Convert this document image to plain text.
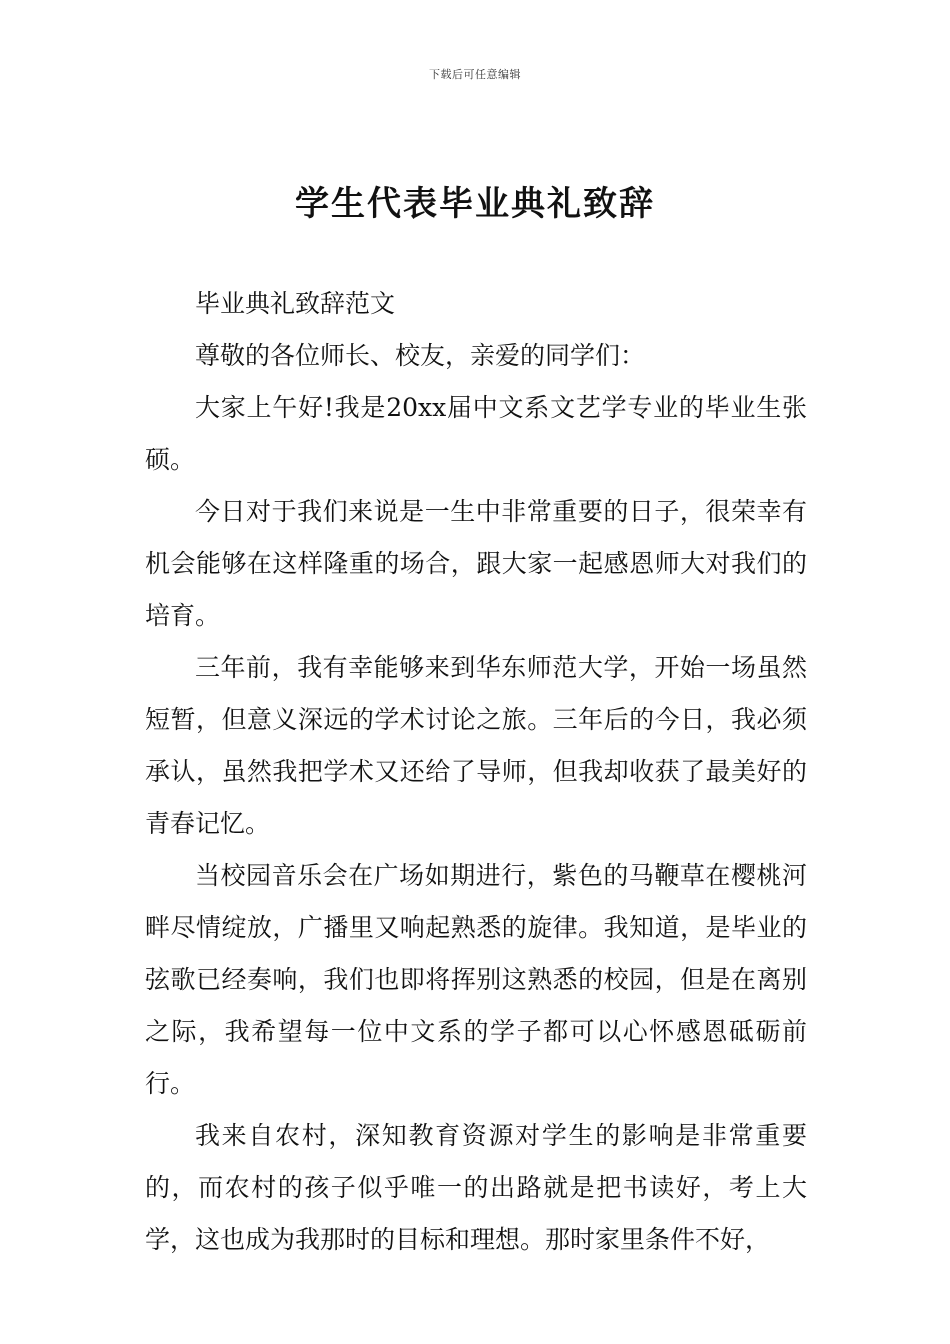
下载后可任意编辑
学生代表毕业典礼致辞

毕业典礼致辞范文

尊敬的各位师长、校友，亲爱的同学们：

大家上午好!我是20xx届中文系文艺学专业的毕业生张硕。

今日对于我们来说是一生中非常重要的日子，很荣幸有机会能够在这样隆重的场合，跟大家一起感恩师大对我们的培育。

三年前，我有幸能够来到华东师范大学，开始一场虽然短暂，但意义深远的学术讨论之旅。三年后的今日，我必须承认，虽然我把学术又还给了导师，但我却收获了最美好的青春记忆。

当校园音乐会在广场如期进行，紫色的马鞭草在樱桃河畔尽情绽放，广播里又响起熟悉的旋律。我知道，是毕业的弦歌已经奏响，我们也即将挥别这熟悉的校园，但是在离别之际，我希望每一位中文系的学子都可以心怀感恩砥砺前行。

我来自农村，深知教育资源对学生的影响是非常重要的，而农村的孩子似乎唯一的出路就是把书读好，考上大学，这也成为我那时的目标和理想。那时家里条件不好，
